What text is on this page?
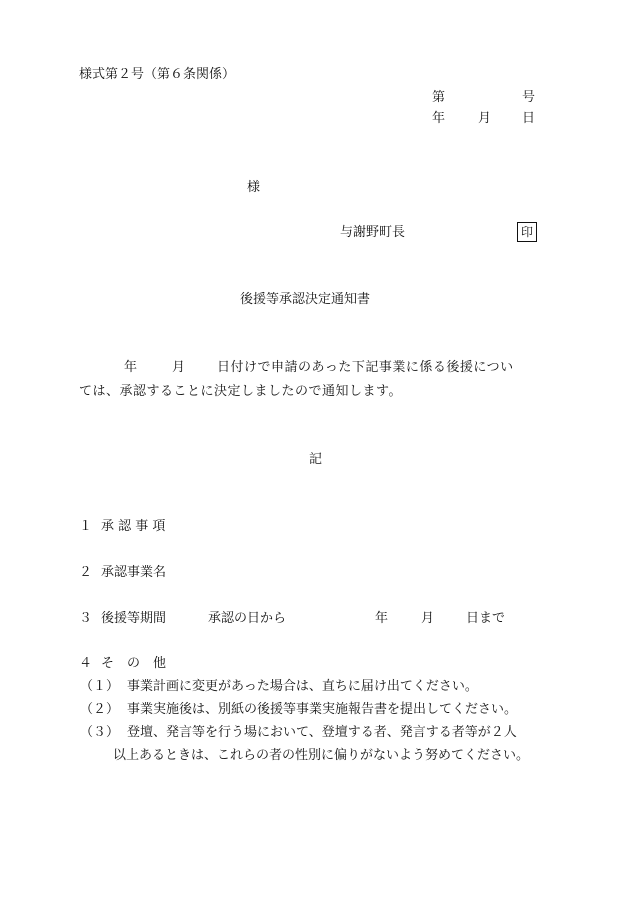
様式第２号（第６条関係）
第	号
年	月 日
様
与謝野町長	印
後援等承認決定通知書
年	月 日付けで申請のあった下記事業に係る後援につい
ては、承認することに決定しましたので通知します。
記
１ 承 認 事 項
２ 承認事業名
３ 後援等期間	承認の日から	年	月 日まで
４ そ　の　他
（１） 事業計画に変更があった場合は、直ちに届け出てください。
（２） 事業実施後は、別紙の後援等事業実施報告書を提出してください。
（３） 登壇、発言等を行う場において、登壇する者、発言する者等が２人
以上あるときは、これらの者の性別に偏りがないよう努めてください。
